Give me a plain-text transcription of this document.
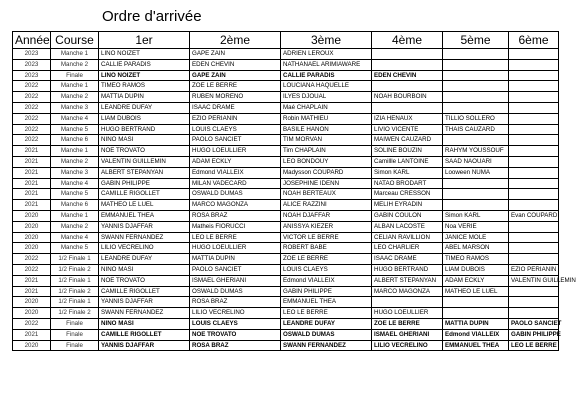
Ordre d'arrivée
Année	Course	1er	2ème	3ème	4ème	5ème	6ème
2023	Manche 1	LINO NOIZET	GAPE ZAIN	ADRIEN LEROUX			
2023	Manche 2	CALLIE PARADIS	EDEN CHEVIN	NATHANAEL ARIMIAWARE			
2023	Finale	LINO NOIZET	GAPE ZAIN	CALLIE PARADIS	EDEN CHEVIN		
2022	Manche 1	TIMEO RAMOS	ZOE LE BERRE	LOUCIANA HAQUELLE			
2022	Manche 2	MATTIA DUPIN	RUBEN MORENO	ILYES DJOUAL	NOAH BOURBOIN		
2022	Manche 3	LEANDRE DUFAY	ISAAC DRAME	Maé CHAPLAIN			
2022	Manche 4	LIAM DUBOIS	EZIO PERIANIN	Robin MATHIEU	IZIA HENAUX	TILLIO SOLLERO	
2022	Manche 5	HUGO BERTRAND	LOUIS CLAEYS	BASILE HANON	LIVIO VICENTE	THAIS CAUZARD	
2022	Manche 6	NINO MASI	PAOLO SANCIET	TIM MORVAN	MAIWEN CAUZARD		
2021	Manche 1	NOE TROVATO	HUGO LOEULLIER	Tim CHAPLAIN	SOLINE BOUZIN	RAHYM YOUSSOUF	
2021	Manche 2	VALENTIN GUILLEMIN	ADAM ECKLY	LEO BONDOUY	Camillle LANTOINE	SAAD NAOUARI	
2021	Manche 3	ALBERT STEPANYAN	Edmond VIALLEIX	Madysson COUPARD	Simon KARL	Looween NUMA	
2021	Manche 4	GABIN PHILIPPE	MILAN VADECARD	JOSEPHINE IDENN	NATAO BRODART		
2021	Manche 5	CAMILLE RIGOLLET	OSWALD DUMAS	NOAH BERTEAUX	Marceau CRESSON		
2021	Manche 6	MATHEO LE LUEL	MARCO MAGONZA	ALICE RAZZINI	MELIH EYRADIN		
2020	Manche 1	EMMANUEL THEA	ROSA BRAZ	NOAH DJAFFAR	GABIN COULON	Simon KARL	Evan COUPARD
2020	Manche 2	YANNIS DJAFFAR	Matheis FIORUCCI	ANISSYA KIEZER	ALBAN LACOSTE	Noa VERIE	
2020	Manche 4	SWANN FERNANDEZ	LEO LE BERRE	VICTOR LE BERRE	CELIAN RAVILLION	JANICE MOLE	
2020	Manche 5	LILIO VECRELINO	HUGO LOEULLIER	ROBERT BABE	LEO CHARLIER	ABEL MARSON	
2022	1/2 Finale 1	LEANDRE DUFAY	MATTIA DUPIN	ZOE LE BERRE	ISAAC DRAME	TIMEO RAMOS	
2022	1/2 Finale 2	NINO MASI	PAOLO SANCIET	LOUIS CLAEYS	HUGO BERTRAND	LIAM DUBOIS	EZIO PERIANIN
2021	1/2 Finale 1	NOE TROVATO	ISMAEL GHERIANI	Edmond VIALLEIX	ALBERT STEPANYAN	ADAM ECKLY	VALENTIN GUILLEMIN
2021	1/2 Finale 2	CAMILLE RIGOLLET	OSWALD DUMAS	GABIN PHILIPPE	MARCO MAGONZA	MATHEO LE LUEL	
2020	1/2 Finale 1	YANNIS DJAFFAR	ROSA BRAZ	EMMANUEL THEA			
2020	1/2 Finale 2	SWANN FERNANDEZ	LILIO VECRELINO	LEO LE BERRE	HUGO LOEULLIER		
2022	Finale	NINO MASI	LOUIS CLAEYS	LEANDRE DUFAY	ZOE LE BERRE	MATTIA DUPIN	PAOLO SANCIET
2021	Finale	CAMILLE RIGOLLET	NOE TROVATO	OSWALD DUMAS	ISMAEL GHERIANI	Edmond VIALLEIX	GABIN PHILIPPE
2020	Finale	YANNIS DJAFFAR	ROSA BRAZ	SWANN FERNANDEZ	LILIO VECRELINO	EMMANUEL THEA	LEO LE BERRE
